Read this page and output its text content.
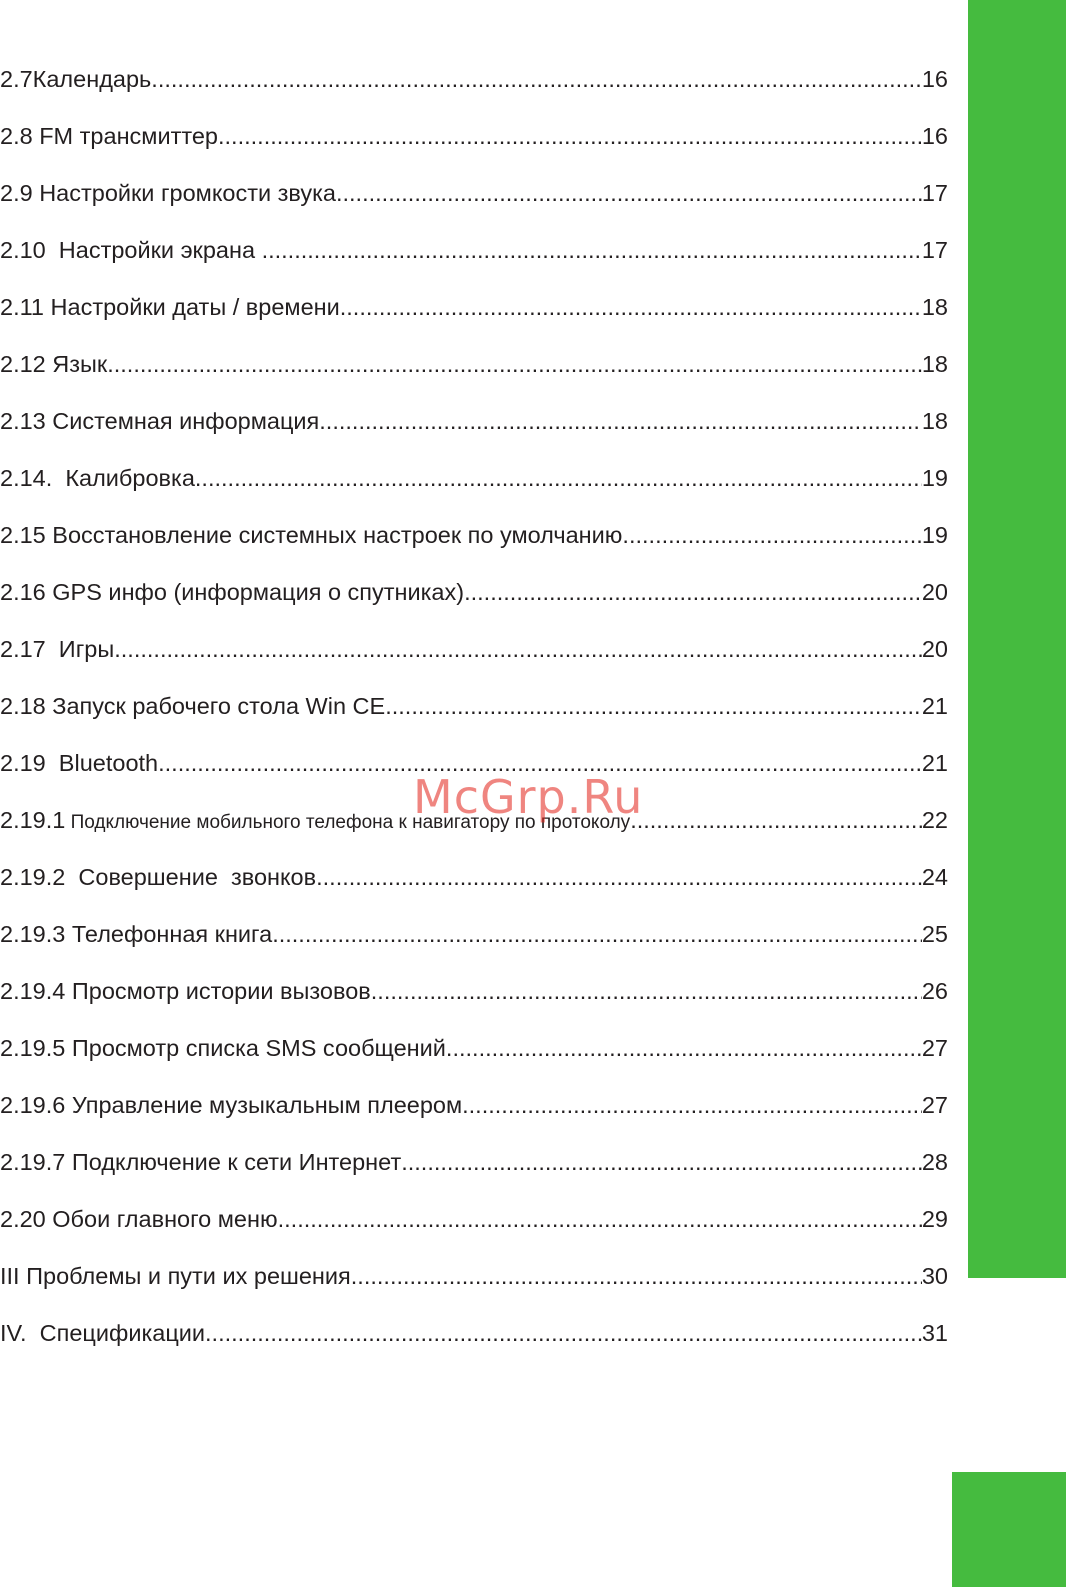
2.7Календарь .....	16
2.8 FM трансмиттер .....	16
2.9 Настройки громкости звука .....	17
2.10  Настройки экрана .....	17
2.11 Настройки даты / времени .....	18
2.12 Язык .....	18
2.13 Системная информация .....	18
2.14.  Калибровка .....	19
2.15 Восстановление системных настроек по умолчанию .....	19
2.16 GPS инфо (информация о спутниках) .....	20
2.17  Игры .....	20
2.18 Запуск рабочего стола Win CE .....	21
2.19  Bluetooth .....	21
2.19.1 Подключение мобильного телефона к навигатору по протоколу .....	22
2.19.2  Совершение  звонков .....	24
2.19.3 Телефонная книга .....	25
2.19.4 Просмотр истории вызовов .....	26
2.19.5 Просмотр списка SMS сообщений .....	27
2.19.6 Управление музыкальным плеером .....	27
2.19.7 Подключение к сети Интернет .....	28
2.20 Обои главного меню .....	29
III Проблемы и пути их решения .....	30
IV.  Спецификации .....	31
McGrp.Ru
